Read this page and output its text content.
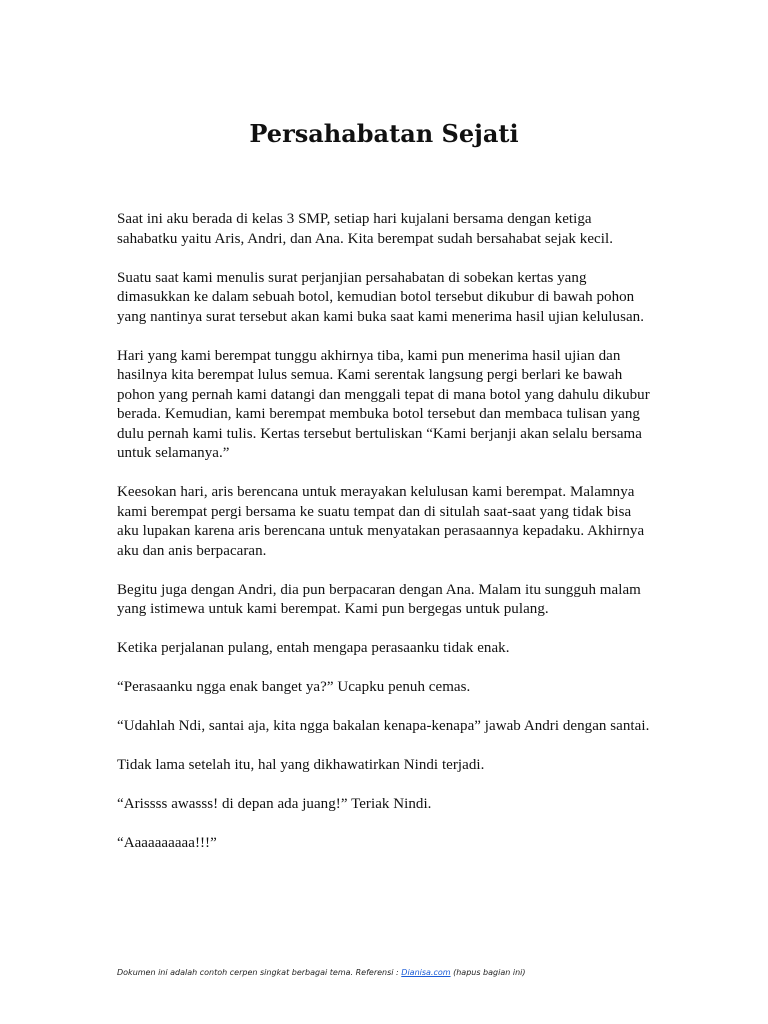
Persahabatan Sejati

Saat ini aku berada di kelas 3 SMP, setiap hari kujalani bersama dengan ketiga sahabatku yaitu Aris, Andri, dan Ana. Kita berempat sudah bersahabat sejak kecil.

Suatu saat kami menulis surat perjanjian persahabatan di sobekan kertas yang dimasukkan ke dalam sebuah botol, kemudian botol tersebut dikubur di bawah pohon yang nantinya surat tersebut akan kami buka saat kami menerima hasil ujian kelulusan.

Hari yang kami berempat tunggu akhirnya tiba, kami pun menerima hasil ujian dan hasilnya kita berempat lulus semua. Kami serentak langsung pergi berlari ke bawah pohon yang pernah kami datangi dan menggali tepat di mana botol yang dahulu dikubur berada. Kemudian, kami berempat membuka botol tersebut dan membaca tulisan yang dulu pernah kami tulis. Kertas tersebut bertuliskan “Kami berjanji akan selalu bersama untuk selamanya.”

Keesokan hari, aris berencana untuk merayakan kelulusan kami berempat. Malamnya kami berempat pergi bersama ke suatu tempat dan di situlah saat-saat yang tidak bisa aku lupakan karena aris berencana untuk menyatakan perasaannya kepadaku. Akhirnya aku dan anis berpacaran.

Begitu juga dengan Andri, dia pun berpacaran dengan Ana. Malam itu sungguh malam yang istimewa untuk kami berempat. Kami pun bergegas untuk pulang.

Ketika perjalanan pulang, entah mengapa perasaanku tidak enak.

“Perasaanku ngga enak banget ya?” Ucapku penuh cemas.

“Udahlah Ndi, santai aja, kita ngga bakalan kenapa-kenapa” jawab Andri dengan santai.

Tidak lama setelah itu, hal yang dikhawatirkan Nindi terjadi.

“Arissss awasss! di depan ada juang!” Teriak Nindi.

“Aaaaaaaaaa!!!”

Dokumen ini adalah contoh cerpen singkat berbagai tema. Referensi : Dianisa.com (hapus bagian ini)
